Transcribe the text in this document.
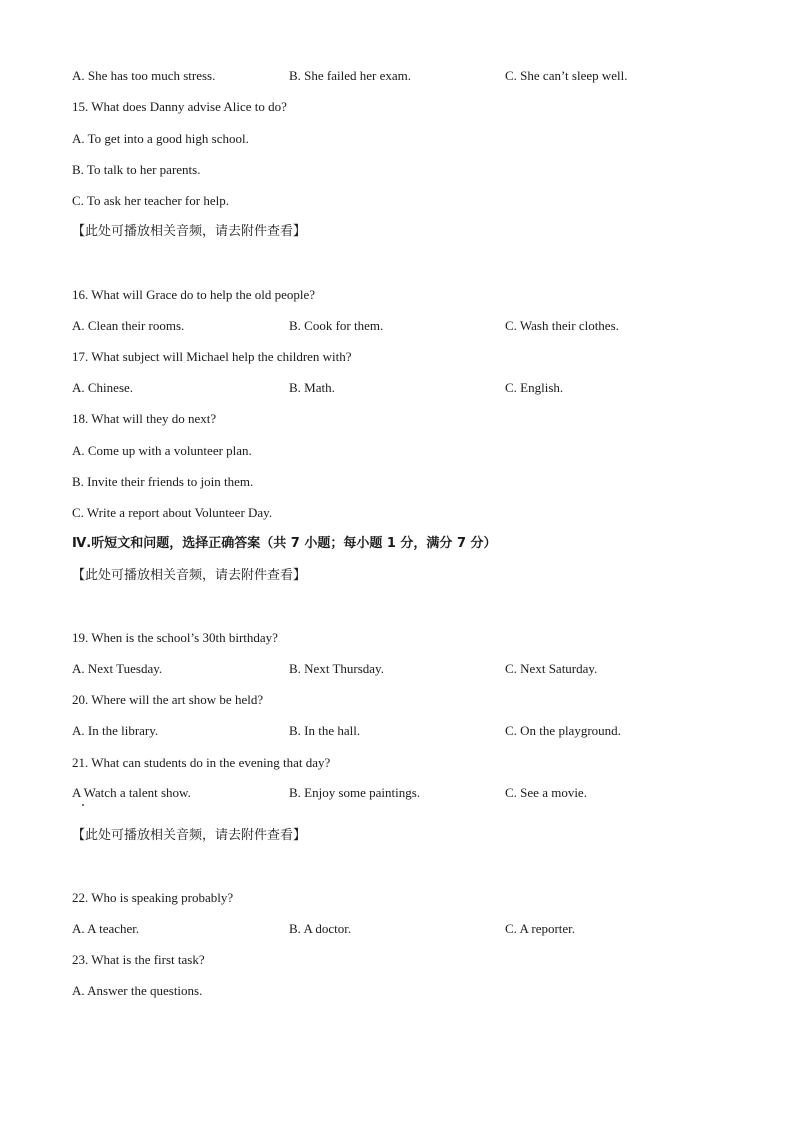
A. She has too much stress.	B. She failed her exam.	C. She can’t sleep well.
15. What does Danny advise Alice to do?
A. To get into a good high school.
B. To talk to her parents.
C. To ask her teacher for help.
【此处可播放相关音频，请去附件查看】
16. What will Grace do to help the old people?
A. Clean their rooms.	B. Cook for them.	C. Wash their clothes.
17. What subject will Michael help the children with?
A. Chinese.	B. Math.	C. English.
18. What will they do next?
A. Come up with a volunteer plan.
B. Invite their friends to join them.
C. Write a report about Volunteer Day.
Ⅳ.听短文和问题，选择正确答案（共 7 小题；每小题 1 分，满分 7 分）
【此处可播放相关音频，请去附件查看】
19. When is the school’s 30th birthday?
A. Next Tuesday.	B. Next Thursday.	C. Next Saturday.
20. Where will the art show be held?
A. In the library.	B. In the hall.	C. On the playground.
21. What can students do in the evening that day?
A Watch a talent show.	B. Enjoy some paintings.	C. See a movie.
【此处可播放相关音频，请去附件查看】
22. Who is speaking probably?
A. A teacher.	B. A doctor.	C. A reporter.
23. What is the first task?
A. Answer the questions.
